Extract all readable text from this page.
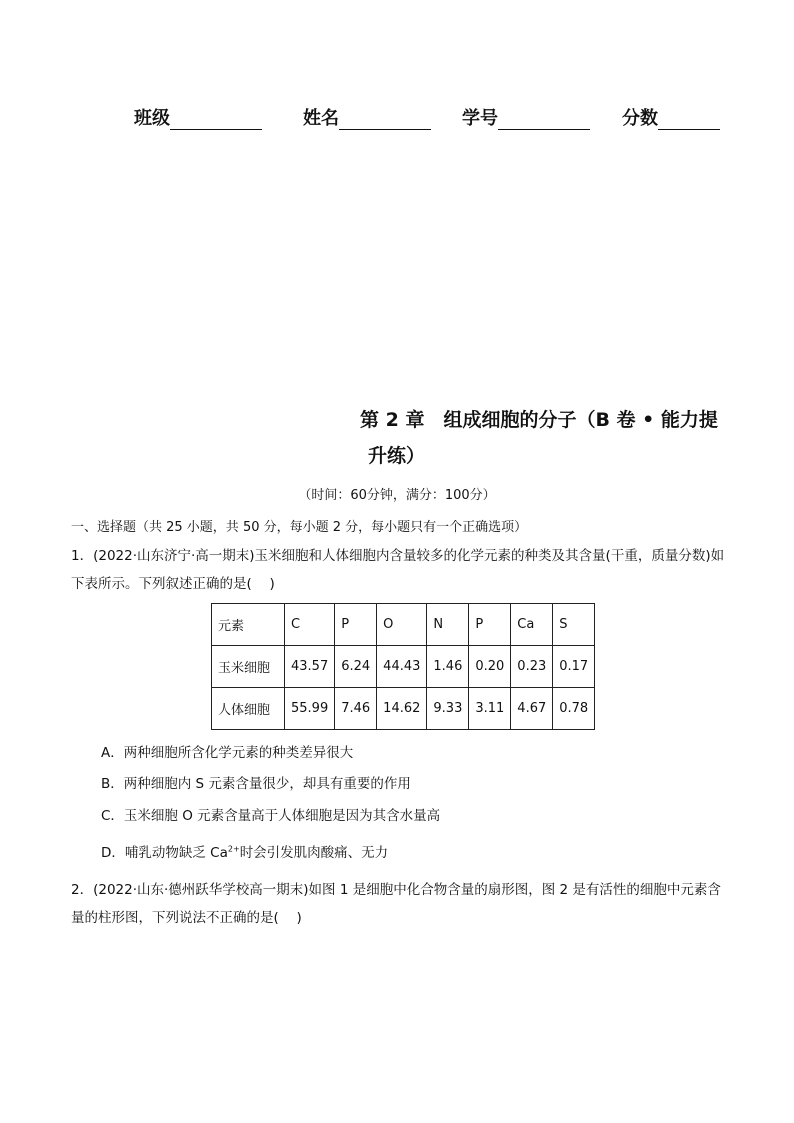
班级	姓名	学号	分数
第 2 章　组成细胞的分子（B 卷 • 能力提
升练）
（时间：60分钟，满分：100分）
一、选择题（共 25 小题，共 50 分，每小题 2 分，每小题只有一个正确选项）
1．(2022·山东济宁·高一期末)玉米细胞和人体细胞内含量较多的化学元素的种类及其含量(干重，质量分数)如下表所示。下列叙述正确的是(　 )
元素	C	P	O	N	P	Ca	S
玉米细胞	43.57	6.24	44.43	1.46	0.20	0.23	0.17
人体细胞	55.99	7.46	14.62	9.33	3.11	4.67	0.78
A．两种细胞所含化学元素的种类差异很大
B．两种细胞内 S 元素含量很少，却具有重要的作用
C．玉米细胞 O 元素含量高于人体细胞是因为其含水量高
D．哺乳动物缺乏 $Ca^{2+}$时会引发肌肉酸痛、无力
2．(2022·山东·德州跃华学校高一期末)如图 1 是细胞中化合物含量的扇形图，图 2 是有活性的细胞中元素含量的柱形图，下列说法不正确的是(　 )
